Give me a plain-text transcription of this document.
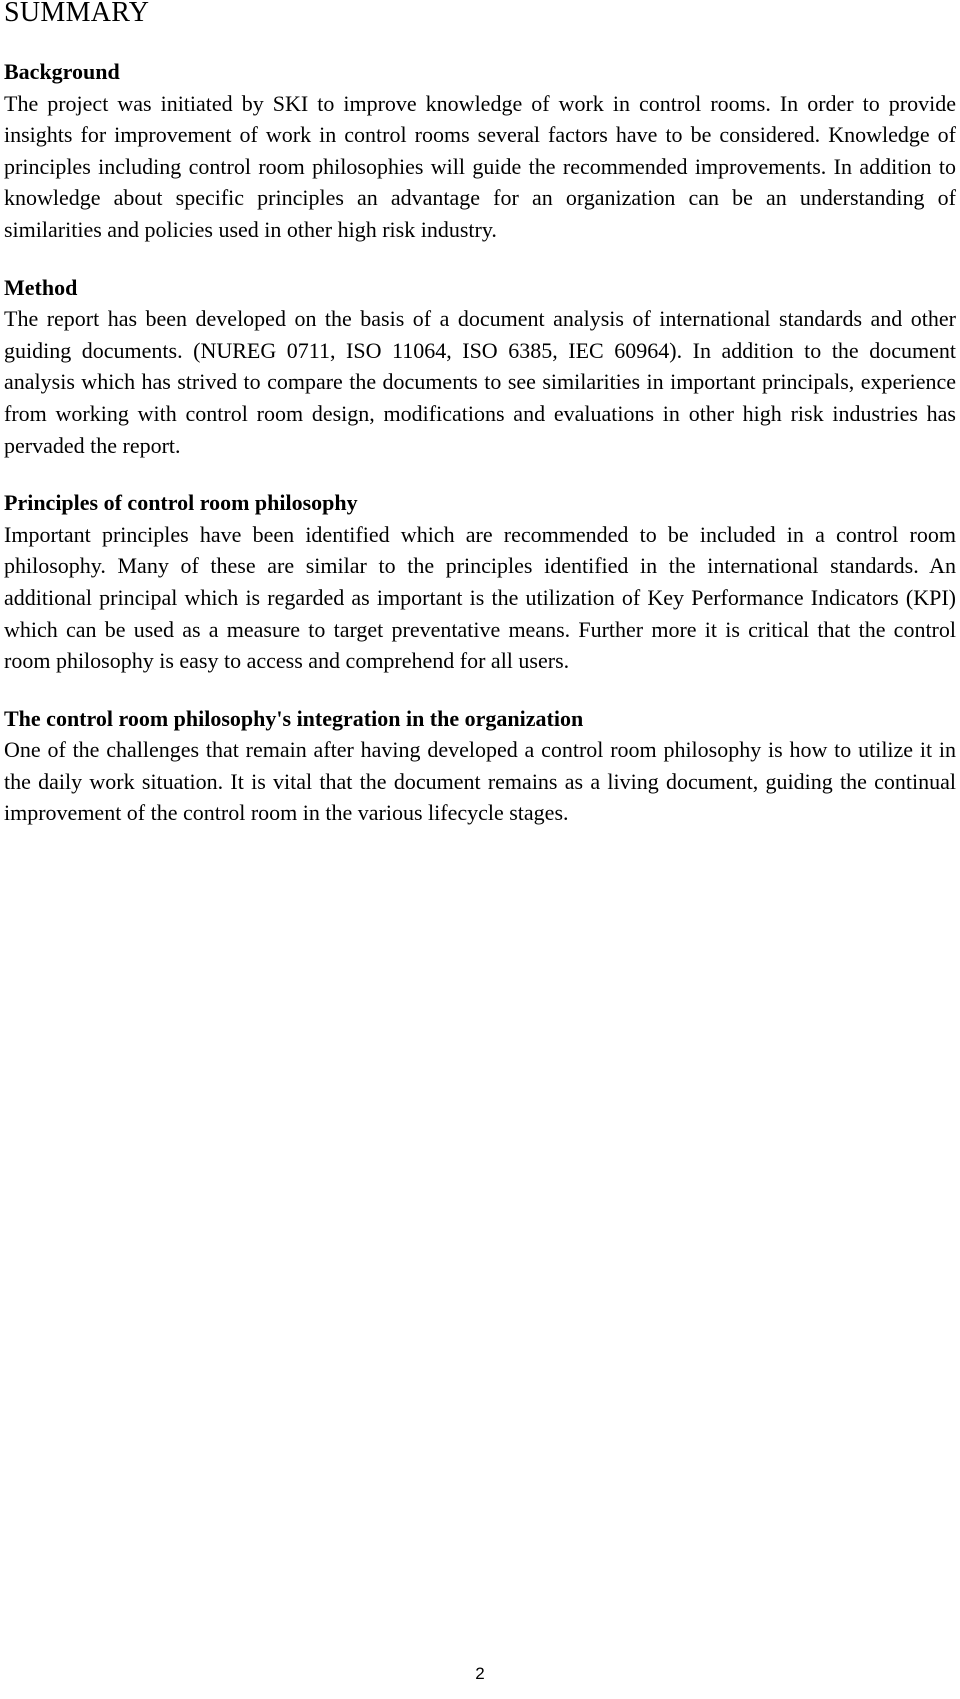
SUMMARY
Background

The project was initiated by SKI to improve knowledge of work in control rooms. In order to provide insights for improvement of work in control rooms several factors have to be considered. Knowledge of principles including control room philosophies will guide the recommended improvements. In addition to knowledge about specific principles an advantage for an organization can be an understanding of similarities and policies used in other high risk industry.

Method

The report has been developed on the basis of a document analysis of international standards and other guiding documents. (NUREG 0711, ISO 11064, ISO 6385, IEC 60964). In addition to the document analysis which has strived to compare the documents to see similarities in important principals, experience from working with control room design, modifications and evaluations in other high risk industries has pervaded the report.

Principles of control room philosophy

Important principles have been identified which are recommended to be included in a control room philosophy. Many of these are similar to the principles identified in the international standards. An additional principal which is regarded as important is the utilization of Key Performance Indicators (KPI) which can be used as a measure to target preventative means. Further more it is critical that the control room philosophy is easy to access and comprehend for all users.

The control room philosophy's integration in the organization

One of the challenges that remain after having developed a control room philosophy is how to utilize it in the daily work situation. It is vital that the document remains as a living document, guiding the continual improvement of the control room in the various lifecycle stages.

2
